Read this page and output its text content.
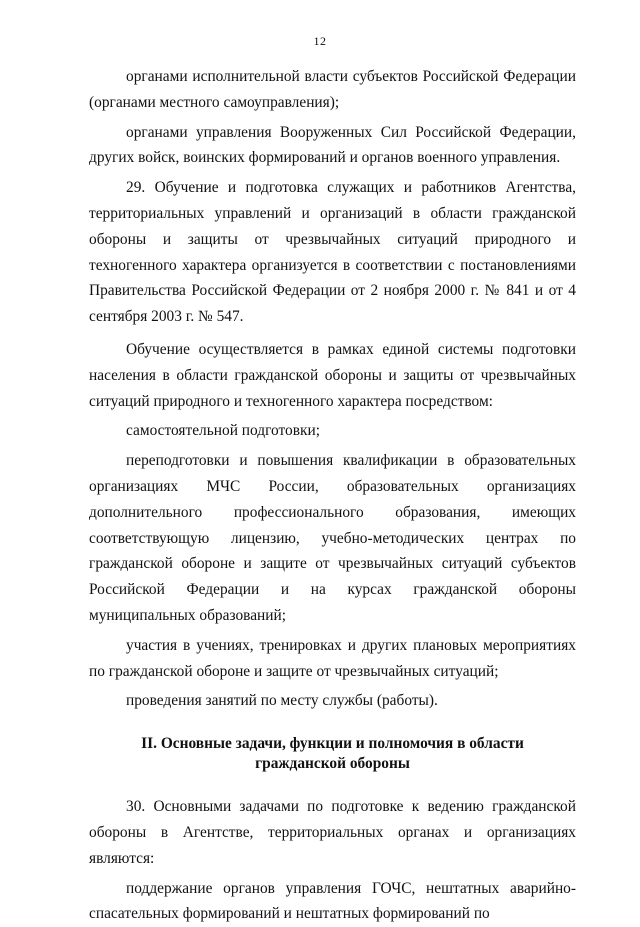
12

органами исполнительной власти субъектов Российской Федерации (органами местного самоуправления);

органами управления Вооруженных Сил Российской Федерации, других войск, воинских формирований и органов военного управления.

29. Обучение и подготовка служащих и работников Агентства, территориальных управлений и организаций в области гражданской обороны и защиты от чрезвычайных ситуаций природного и техногенного характера организуется в соответствии с постановлениями Правительства Российской Федерации от 2 ноября 2000 г. № 841 и от 4 сентября 2003 г. № 547.

Обучение осуществляется в рамках единой системы подготовки населения в области гражданской обороны и защиты от чрезвычайных ситуаций природного и техногенного характера посредством:

самостоятельной подготовки;

переподготовки и повышения квалификации в образовательных организациях МЧС России, образовательных организациях дополнительного профессионального образования, имеющих соответствующую лицензию, учебно-методических центрах по гражданской обороне и защите от чрезвычайных ситуаций субъектов Российской Федерации и на курсах гражданской обороны муниципальных образований;

участия в учениях, тренировках и других плановых мероприятиях по гражданской обороне и защите от чрезвычайных ситуаций;

проведения занятий по месту службы (работы).

II. Основные задачи, функции и полномочия в области гражданской обороны

30. Основными задачами по подготовке к ведению гражданской обороны в Агентстве, территориальных органах и организациях являются:

поддержание органов управления ГОЧС, нештатных аварийно-спасательных формирований и нештатных формирований по
